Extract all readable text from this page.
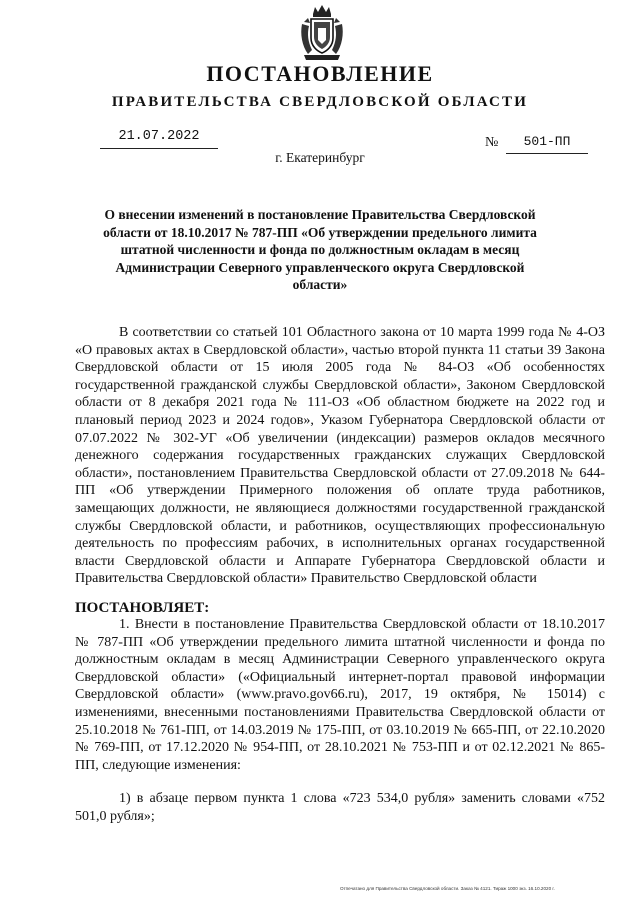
ПОСТАНОВЛЕНИЕ
ПРАВИТЕЛЬСТВА СВЕРДЛОВСКОЙ ОБЛАСТИ
21.07.2022	№	501-ПП
г. Екатеринбург

О внесении изменений в постановление Правительства Свердловской области от 18.10.2017 № 787-ПП «Об утверждении предельного лимита штатной численности и фонда по должностным окладам в месяц Администрации Северного управленческого округа Свердловской области»

В соответствии со статьей 101 Областного закона от 10 марта 1999 года № 4-ОЗ «О правовых актах в Свердловской области», частью второй пункта 11 статьи 39 Закона Свердловской области от 15 июля 2005 года № 84-ОЗ «Об особенностях государственной гражданской службы Свердловской области», Законом Свердловской области от 8 декабря 2021 года № 111-ОЗ «Об областном бюджете на 2022 год и плановый период 2023 и 2024 годов», Указом Губернатора Свердловской области от 07.07.2022 № 302-УГ «Об увеличении (индексации) размеров окладов месячного денежного содержания государственных гражданских служащих Свердловской области», постановлением Правительства Свердловской области от 27.09.2018 № 644-ПП «Об утверждении Примерного положения об оплате труда работников, замещающих должности, не являющиеся должностями государственной гражданской службы Свердловской области, и работников, осуществляющих профессиональную деятельность по профессиям рабочих, в исполнительных органах государственной власти Свердловской области и Аппарате Губернатора Свердловской области и Правительства Свердловской области» Правительство Свердловской области

ПОСТАНОВЛЯЕТ:

1. Внести в постановление Правительства Свердловской области от 18.10.2017 № 787-ПП «Об утверждении предельного лимита штатной численности и фонда по должностным окладам в месяц Администрации Северного управленческого округа Свердловской области» («Официальный интернет-портал правовой информации Свердловской области» (www.pravo.gov66.ru), 2017, 19 октября, № 15014) с изменениями, внесенными постановлениями Правительства Свердловской области от 25.10.2018 № 761-ПП, от 14.03.2019 № 175-ПП, от 03.10.2019 № 665-ПП, от 22.10.2020 № 769-ПП, от 17.12.2020 № 954-ПП, от 28.10.2021 № 753-ПП и от 02.12.2021 № 865-ПП, следующие изменения:

1) в абзаце первом пункта 1 слова «723 534,0 рубля» заменить словами «752 501,0 рубля»;

Отпечатано для Правительства Свердловской области. Заказ № 4121. Тираж 1000 экз. 16.10.2020 г.
